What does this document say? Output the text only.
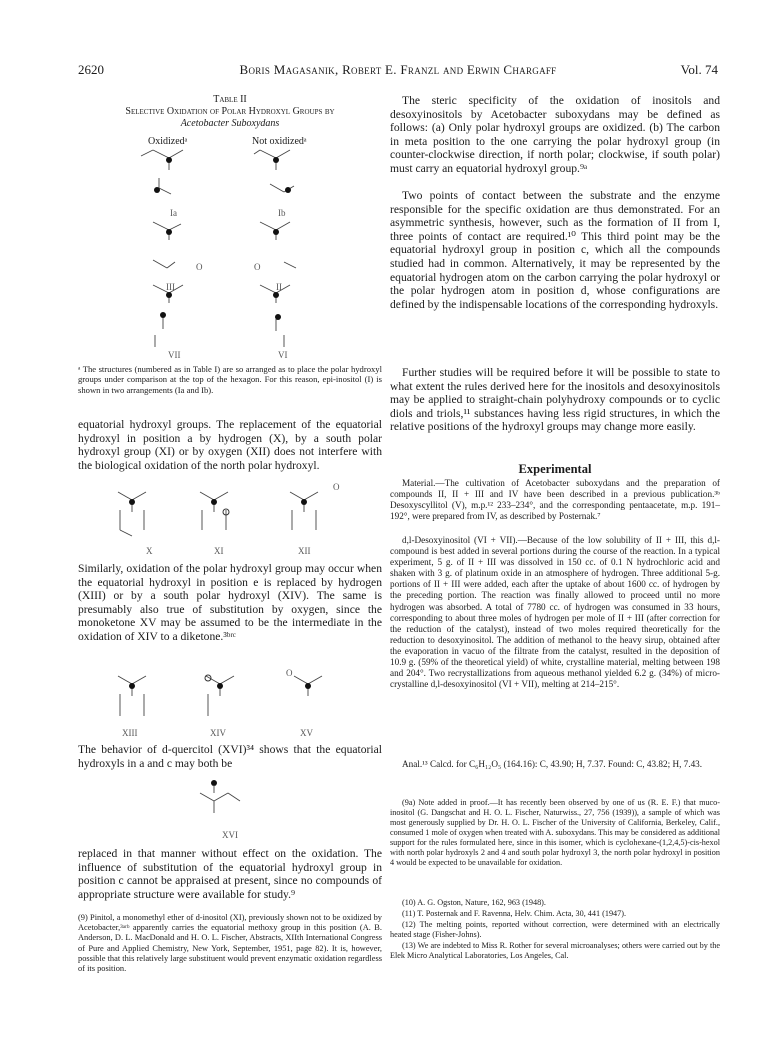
2620	Boris Magasanik, Robert E. Franzl and Erwin Chargaff	Vol. 74
Table II
Selective Oxidation of Polar Hydroxyl Groups by
Acetobacter Suboxydans
Oxidizedᵃ	Not oxidizedᵃ
Ia	Ib
O	O
III	II
VII	VI
ᵃ The structures (numbered as in Table I) are so arranged as to place the polar hydroxyl groups under comparison at the top of the hexagon. For this reason, epi-inositol (I) is shown in two arrangements (Ia and Ib).
equatorial hydroxyl groups. The replacement of the equatorial hydroxyl in position a by hydrogen (X), by a south polar hydroxyl group (XI) or by oxygen (XII) does not interfere with the biological oxidation of the north polar hydroxyl.
X	XI	XII
O
Similarly, oxidation of the polar hydroxyl group may occur when the equatorial hydroxyl in position e is replaced by hydrogen (XIII) or by a south polar hydroxyl (XIV). The same is presumably also true of substitution by oxygen, since the monoketone XV may be assumed to be the intermediate in the oxidation of XIV to a diketone.³ᵇʳᶜ
XIII	XIV	XV
O
The behavior of d-quercitol (XVI)³⁴ shows that the equatorial hydroxyls in a and c may both be
XVI
replaced in that manner without effect on the oxidation. The influence of substitution of the equatorial hydroxyl group in position c cannot be appraised at present, since no compounds of appropriate structure were available for study.⁹
(9) Pinitol, a monomethyl ether of d-inositol (XI), previously shown not to be oxidized by Acetobacter,³ᵃʳᵇ apparently carries the equatorial methoxy group in this position (A. B. Anderson, D. L. MacDonald and H. O. L. Fischer, Abstracts, XIIth International Congress of Pure and Applied Chemistry, New York, September, 1951, page 82). It is, however, possible that this relatively large substituent would prevent enzymatic oxidation regardless of its position.
The steric specificity of the oxidation of inositols and desoxyinositols by Acetobacter suboxydans may be defined as follows: (a) Only polar hydroxyl groups are oxidized. (b) The carbon in meta position to the one carrying the polar hydroxyl group (in counter-clockwise direction, if north polar; clockwise, if south polar) must carry an equatorial hydroxyl group.⁹ᵃ
Two points of contact between the substrate and the enzyme responsible for the specific oxidation are thus demonstrated. For an asymmetric synthesis, however, such as the formation of II from I, three points of contact are required.¹⁰ This third point may be the equatorial hydroxyl group in position c, which all the compounds studied had in common. Alternatively, it may be represented by the equatorial hydrogen atom on the carbon carrying the polar hydroxyl or the polar hydrogen atom in position d, whose configurations are defined by the indispensable locations of the corresponding hydroxyls.
Further studies will be required before it will be possible to state to what extent the rules derived here for the inositols and desoxyinositols may be applied to straight-chain polyhydroxy compounds or to cyclic diols and triols,¹¹ substances having less rigid structures, in which the relative positions of the hydroxyl groups may change more easily.
Experimental
Material.—The cultivation of Acetobacter suboxydans and the preparation of compounds II, II + III and IV have been described in a previous publication.³ᵇ Desoxyscyllitol (V), m.p.¹² 233–234°, and the corresponding pentaacetate, m.p. 191–192°, were prepared from IV, as described by Posternak.⁷
d,l-Desoxyinositol (VI + VII).—Because of the low solubility of II + III, this d,l-compound is best added in several portions during the course of the reaction. In a typical experiment, 5 g. of II + III was dissolved in 150 cc. of 0.1 N hydrochloric acid and shaken with 3 g. of platinum oxide in an atmosphere of hydrogen. Three additional 5-g. portions of II + III were added, each after the uptake of about 1600 cc. of hydrogen by the preceding portion. The reaction was finally allowed to proceed until no more hydrogen was absorbed. A total of 7780 cc. of hydrogen was consumed in 33 hours, corresponding to about three moles of hydrogen per mole of II + III (after correction for the reduction of the catalyst), instead of two moles required theoretically for the reduction to desoxyinositol. The addition of methanol to the heavy sirup, obtained after the evaporation in vacuo of the filtrate from the catalyst, resulted in the deposition of 10.9 g. (59% of the theoretical yield) of white, crystalline material, melting between 198 and 204°. Two recrystallizations from aqueous methanol yielded 6.2 g. (34%) of micro-crystalline d,l-desoxyinositol (VI + VII), melting at 214–215°.
Anal.¹³ Calcd. for C₆H₁₂O₅ (164.16): C, 43.90; H, 7.37. Found: C, 43.82; H, 7.43.
(9a) Note added in proof.—It has recently been observed by one of us (R. E. F.) that muco-inositol (G. Dangschat and H. O. L. Fischer, Naturwiss., 27, 756 (1939)), a sample of which was most generously supplied by Dr. H. O. L. Fischer of the University of California, Berkeley, Calif., consumed 1 mole of oxygen when treated with A. suboxydans. This may be considered as additional support for the rules formulated here, since in this isomer, which is cyclohexane-(1,2,4,5)-cis-hexol with north polar hydroxyls 2 and 4 and south polar hydroxyl 3, the north polar hydroxyl in position 4 would be expected to be unavailable for oxidation.
(10) A. G. Ogston, Nature, 162, 963 (1948).
(11) T. Posternak and F. Ravenna, Helv. Chim. Acta, 30, 441 (1947).
(12) The melting points, reported without correction, were determined with an electrically heated stage (Fisher-Johns).
(13) We are indebted to Miss R. Rother for several microanalyses; others were carried out by the Elek Micro Analytical Laboratories, Los Angeles, Cal.
